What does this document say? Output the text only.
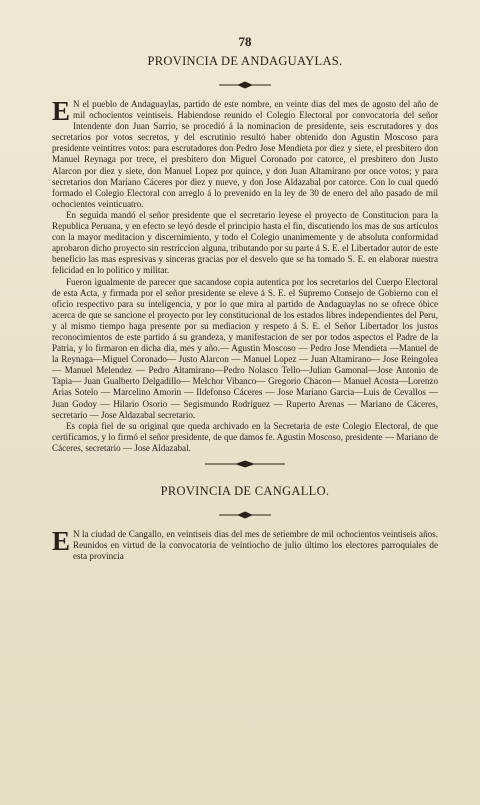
78
PROVINCIA DE ANDAGUAYLAS.

E N el pueblo de Andaguaylas, partido de este nombre, en veinte dias del mes de agosto del año de mil ochocientos veintiseis. Habiendose reunido el Colegio Electoral por convocatoria del señor Intendente don Juan Sarrio, se procedió á la nominacion de presidente, seis escrutadores y dos secretarios por votos secretos, y del escrutinio resultó haber obtenido don Agustin Moscoso para presidente veintitres votos: para escrutadores don Pedro Jose Mendieta por diez y siete, el presbitero don Manuel Reynaga por trece, el presbitero don Miguel Coronado por catorce, el presbitero don Justo Alarcon por diez y siete, don Manuel Lopez por quince, y don Juan Altamirano por once votos; y para secretarios don Mariano Cáceres por diez y nueve, y don Jose Aldazabal por catorce. Con lo cual quedó formado el Colegio Electoral con arreglo á lo prevenido en la ley de 30 de enero del año pasado de mil ochocientos veinticuatro.

En seguida mandó el señor presidente que el secretario leyese el proyecto de Constitucion para la Republica Peruana, y en efecto se leyó desde el principio hasta el fin, discutiendo los mas de sus artículos con la mayor meditacion y discernimiento, y todo el Colegio unanimemente y de absoluta conformidad aprobaron dicho proyecto sin restriccion alguna, tributando por su parte á S. E. el Libertador autor de este beneficio las mas espresivas y sinceras gracias por el desvelo que se ha tomado S. E. en elaborar nuestra felicidad en lo politico y militar.

Fueron igualmente de parecer que sacandose copia autentica por los secretarios del Cuerpo Electoral de esta Acta, y firmada por el señor presidente se eleve á S. E. el Supremo Consejo de Gobierno con el oficio respectivo para su inteligencia, y por lo que mira al partido de Andaguaylas no se ofrece óbice acerca de que se sancione el proyecto por ley constitucional de los estados libres independientes del Peru, y al mismo tiempo haga presente por su mediacion y respeto á S. E. el Señor Libertador los justos reconocimientos de este partido á su grandeza, y manifestacion de ser por todos aspectos el Padre de la Patria, y lo firmaron en dicha dia, mes y año.— Agustin Moscoso — Pedro Jose Mendieta —Manuel de la Reynaga—Miguel Coronado— Justo Alarcon — Manuel Lopez — Juan Altamirano— Jose Reingolea— Manuel Melendez — Pedro Altamirano—Pedro Nolasco Tello—Julian Gamonal—Jose Antonio de Tapia— Juan Gualberto Delgadillo— Melchor Vibanco— Gregorio Chacon— Manuel Acosta—Lorenzo Arias Sotelo — Marcelino Amorin — Ildefonso Cáceres — Jose Mariano Garcia—Luis de Cevallos — Juan Godoy — Hilario Osorio — Segismundo Rodriguez — Ruperto Arenas — Mariano de Cáceres, secretario — Jose Aldazabal secretario.

Es copia fiel de su original que queda archivado en la Secretaria de este Colegio Electoral, de que certificamos, y lo firmó el señor presidente, de que damos fe. Agustin Moscoso, presidente — Mariano de Cáceres, secretario — Jose Aldazabal.

PROVINCIA DE CANGALLO.

E N la ciudad de Cangallo, en veintiseis dias del mes de setiembre de mil ochocientos veintiseis años. Reunidos en virtud de la convocatoria de veintiocho de julio último los electores parroquiales de esta provincia
